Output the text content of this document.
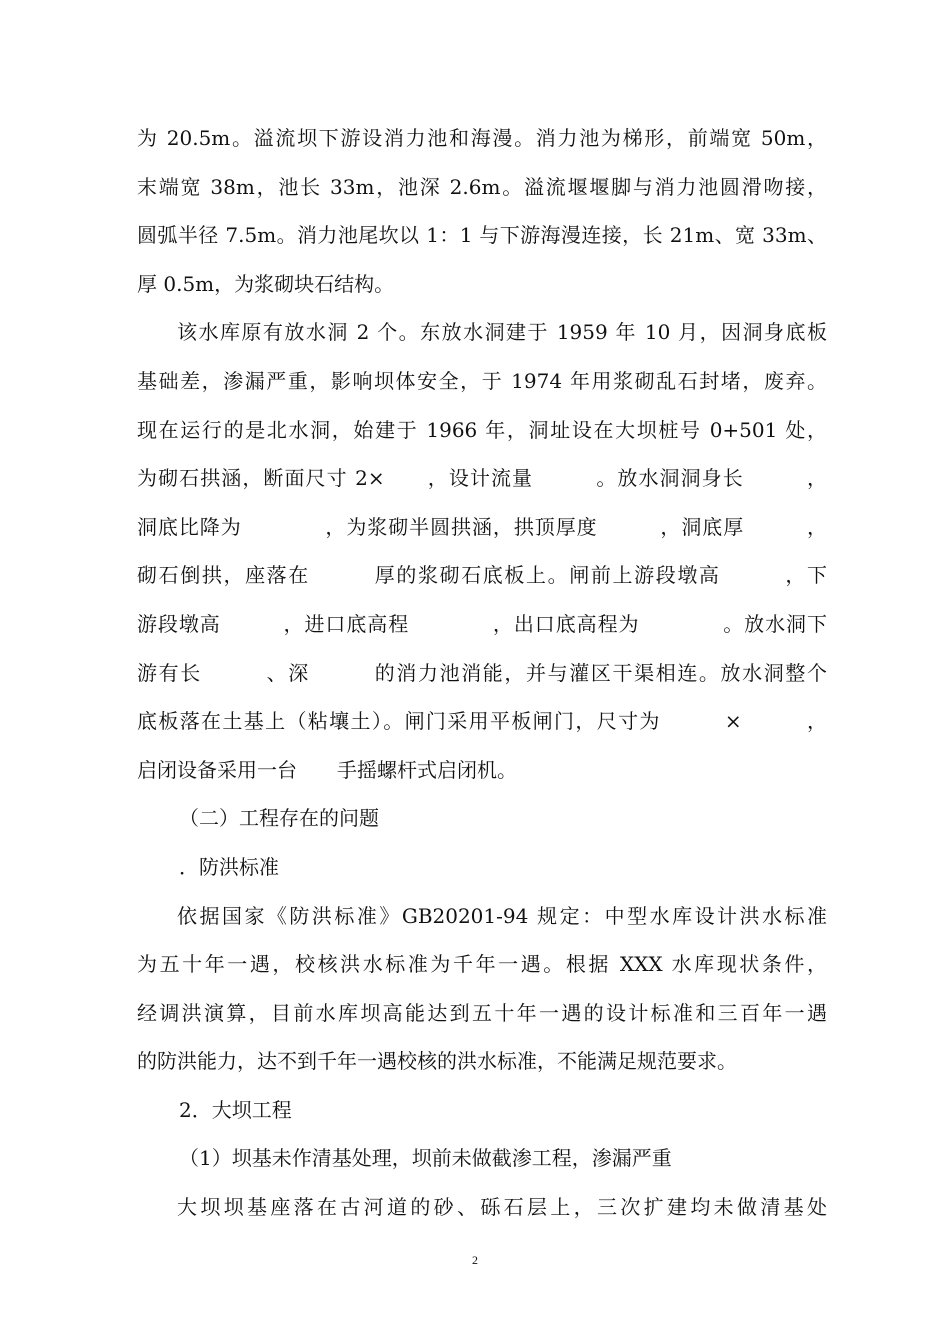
为 20.5m。溢流坝下游设消力池和海漫。消力池为梯形，前端宽 50m，
末端宽 38m，池长 33m，池深 2.6m。溢流堰堰脚与消力池圆滑吻接，
圆弧半径 7.5m。消力池尾坎以 1：1 与下游海漫连接，长 21m、宽 33m、
厚 0.5m，为浆砌块石结构。
该水库原有放水洞 2 个。东放水洞建于 1959 年 10 月，因洞身底板
基础差，渗漏严重，影响坝体安全，于 1974 年用浆砌乱石封堵，废弃。
现在运行的是北水洞，始建于 1966 年，洞址设在大坝桩号 0+501 处，
为砌石拱涵，断面尺寸 2×　　，设计流量　　　。放水洞洞身长　　　，
洞底比降为　　　　，为浆砌半圆拱涵，拱顶厚度　　　，洞底厚　　　，
砌石倒拱，座落在　　　厚的浆砌石底板上。闸前上游段墩高　　　，下
游段墩高　　　，进口底高程　　　　，出口底高程为　　　　。放水洞下
游有长　　　、深　　　的消力池消能，并与灌区干渠相连。放水洞整个
底板落在土基上（粘壤土）。闸门采用平板闸门，尺寸为　　　×　　　，
启闭设备采用一台　　手摇螺杆式启闭机。
（二）工程存在的问题
．防洪标准
依据国家《防洪标准》GB20201-94 规定：中型水库设计洪水标准
为五十年一遇，校核洪水标准为千年一遇。根据 XXX 水库现状条件，
经调洪演算，目前水库坝高能达到五十年一遇的设计标准和三百年一遇
的防洪能力，达不到千年一遇校核的洪水标准，不能满足规范要求。
2．大坝工程
（1）坝基未作清基处理，坝前未做截渗工程，渗漏严重
大坝坝基座落在古河道的砂、砾石层上，三次扩建均未做清基处
2
